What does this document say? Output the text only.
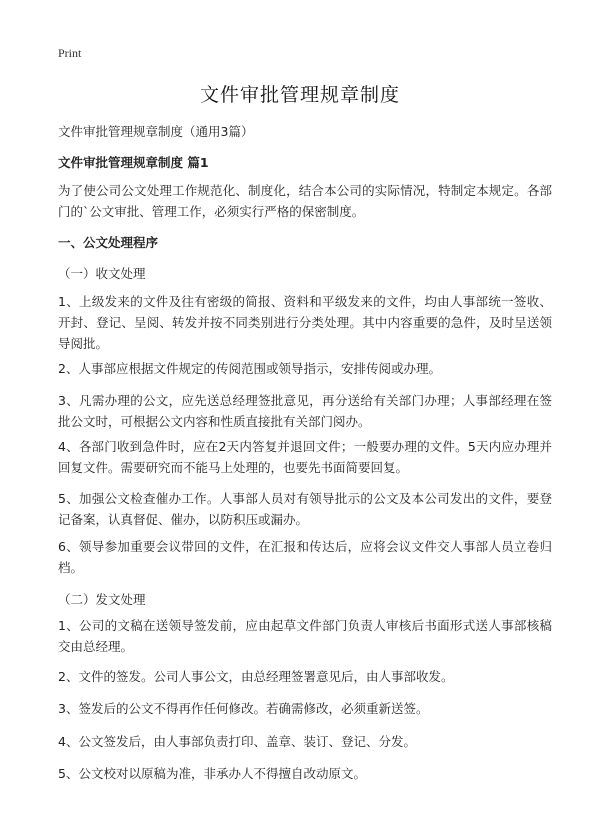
Print
文件审批管理规章制度
文件审批管理规章制度（通用3篇）
文件审批管理规章制度 篇1
为了使公司公文处理工作规范化、制度化，结合本公司的实际情况，特制定本规定。各部门的`公文审批、管理工作，必须实行严格的保密制度。
一、公文处理程序
（一）收文处理
1、上级发来的文件及往有密级的简报、资料和平级发来的文件，均由人事部统一签收、开封、登记、呈阅、转发并按不同类别进行分类处理。其中内容重要的急件，及时呈送领导阅批。
2、人事部应根据文件规定的传阅范围或领导指示，安排传阅或办理。
3、凡需办理的公文，应先送总经理签批意见，再分送给有关部门办理；人事部经理在签批公文时，可根据公文内容和性质直接批有关部门阅办。
4、各部门收到急件时，应在2天内答复并退回文件；一般要办理的文件。5天内应办理并回复文件。需要研究而不能马上处理的，也要先书面简要回复。
5、加强公文检查催办工作。人事部人员对有领导批示的公文及本公司发出的文件，要登记备案，认真督促、催办，以防积压或漏办。
6、领导参加重要会议带回的文件，在汇报和传达后，应将会议文件交人事部人员立卷归档。
（二）发文处理
1、公司的文稿在送领导签发前，应由起草文件部门负责人审核后书面形式送人事部核稿交由总经理。
2、文件的签发。公司人事公文，由总经理签署意见后，由人事部收发。
3、签发后的公文不得再作任何修改。若确需修改，必须重新送签。
4、公文签发后，由人事部负责打印、盖章、装订、登记、分发。
5、公文校对以原稿为准，非承办人不得擅自改动原文。
